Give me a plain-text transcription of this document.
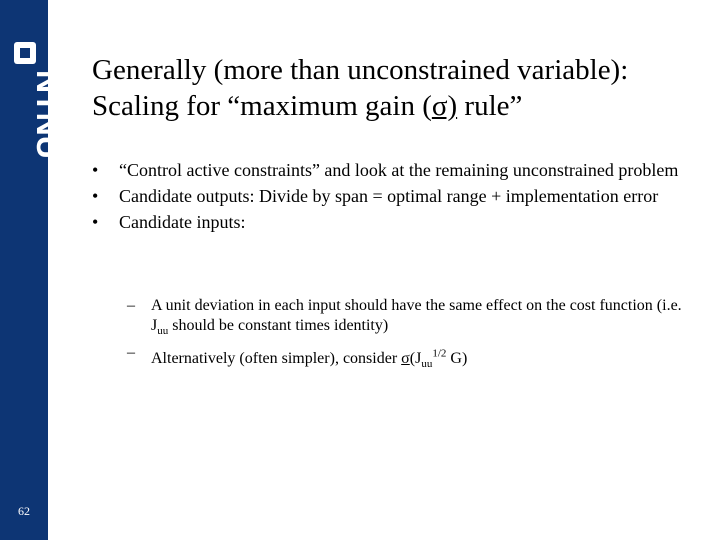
NTNU
62
Generally (more than unconstrained variable):
Scaling for “maximum gain (σ) rule”
• “Control active constraints” and look at the remaining unconstrained problem
• Candidate outputs: Divide by span = optimal range + implementation error
• Candidate inputs:
– A unit deviation in each input should have the same effect on the cost function (i.e. $J_{uu}$ should be constant times identity)
– Alternatively (often simpler), consider $\sigma(J_{uu}^{1/2}$ G)
